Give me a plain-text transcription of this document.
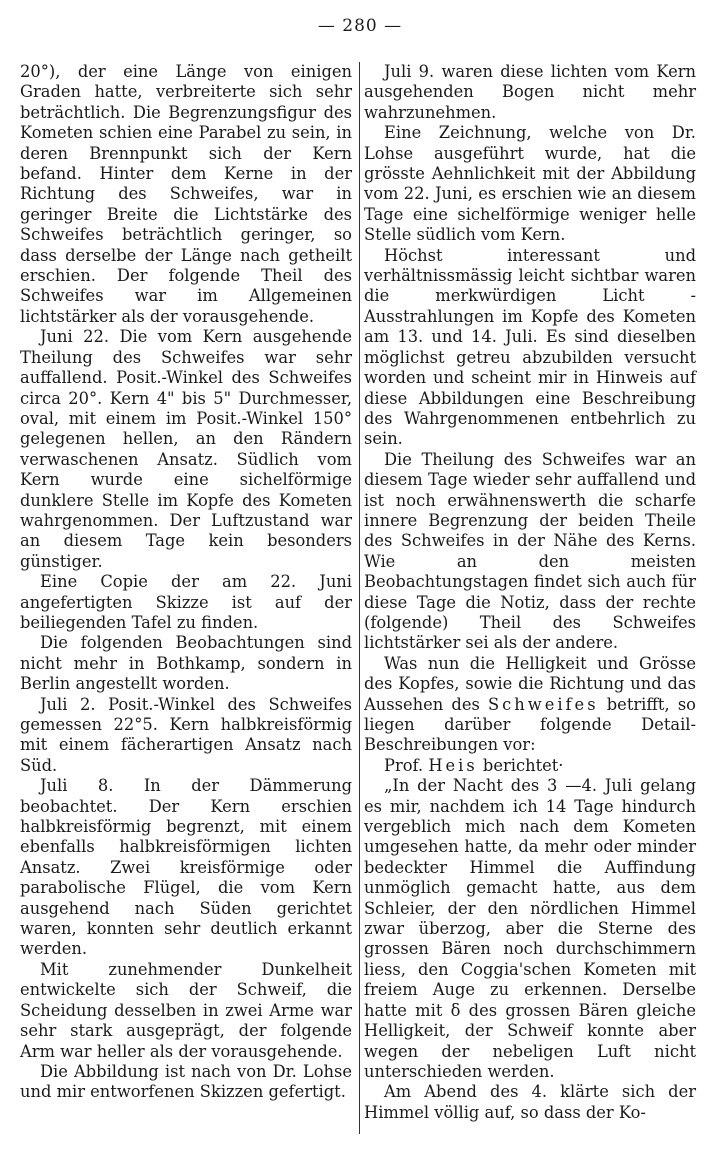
— 280 —

20°), der eine Länge von einigen Graden hatte, verbreiterte sich sehr beträchtlich. Die Begrenzungsfigur des Kometen schien eine Parabel zu sein, in deren Brennpunkt sich der Kern befand. Hinter dem Kerne in der Richtung des Schweifes, war in geringer Breite die Lichtstärke des Schweifes beträchtlich geringer, so dass derselbe der Länge nach getheilt erschien. Der folgende Theil des Schweifes war im Allgemeinen lichtstärker als der vorausgehende.

Juni 22. Die vom Kern ausgehende Theilung des Schweifes war sehr auffallend. Posit.-Winkel des Schweifes circa 20°. Kern 4" bis 5" Durchmesser, oval, mit einem im Posit.-Winkel 150° gelegenen hellen, an den Rändern verwaschenen Ansatz. Südlich vom Kern wurde eine sichelförmige dunklere Stelle im Kopfe des Kometen wahrgenommen. Der Luftzustand war an diesem Tage kein besonders günstiger.

Eine Copie der am 22. Juni angefertigten Skizze ist auf der beiliegenden Tafel zu finden.

Die folgenden Beobachtungen sind nicht mehr in Bothkamp, sondern in Berlin angestellt worden.

Juli 2. Posit.-Winkel des Schweifes gemessen 22°5. Kern halbkreisförmig mit einem fächerartigen Ansatz nach Süd.

Juli 8. In der Dämmerung beobachtet. Der Kern erschien halbkreisförmig begrenzt, mit einem ebenfalls halbkreisförmigen lichten Ansatz. Zwei kreisförmige oder parabolische Flügel, die vom Kern ausgehend nach Süden gerichtet waren, konnten sehr deutlich erkannt werden.

Mit zunehmender Dunkelheit entwickelte sich der Schweif, die Scheidung desselben in zwei Arme war sehr stark ausgeprägt, der folgende Arm war heller als der vorausgehende.

Die Abbildung ist nach von Dr. Lohse und mir entworfenen Skizzen gefertigt.

Juli 9. waren diese lichten vom Kern ausgehenden Bogen nicht mehr wahrzunehmen.

Eine Zeichnung, welche von Dr. Lohse ausgeführt wurde, hat die grösste Aehnlichkeit mit der Abbildung vom 22. Juni, es erschien wie an diesem Tage eine sichelförmige weniger helle Stelle südlich vom Kern.

Höchst interessant und verhältnissmässig leicht sichtbar waren die merkwürdigen Licht - Ausstrahlungen im Kopfe des Kometen am 13. und 14. Juli. Es sind dieselben möglichst getreu abzubilden versucht worden und scheint mir in Hinweis auf diese Abbildungen eine Beschreibung des Wahrgenommenen entbehrlich zu sein.

Die Theilung des Schweifes war an diesem Tage wieder sehr auffallend und ist noch erwähnenswerth die scharfe innere Begrenzung der beiden Theile des Schweifes in der Nähe des Kerns. Wie an den meisten Beobachtungstagen findet sich auch für diese Tage die Notiz, dass der rechte (folgende) Theil des Schweifes lichtstärker sei als der andere.

Was nun die Helligkeit und Grösse des Kopfes, sowie die Richtung und das Aussehen des Schweifes betrifft, so liegen darüber folgende Detail-Beschreibungen vor:

Prof. Heis berichtet·

„In der Nacht des 3 —4. Juli gelang es mir, nachdem ich 14 Tage hindurch vergeblich mich nach dem Kometen umgesehen hatte, da mehr oder minder bedeckter Himmel die Auffindung unmöglich gemacht hatte, aus dem Schleier, der den nördlichen Himmel zwar überzog, aber die Sterne des grossen Bären noch durchschimmern liess, den Coggia'schen Kometen mit freiem Auge zu erkennen. Derselbe hatte mit δ des grossen Bären gleiche Helligkeit, der Schweif konnte aber wegen der nebeligen Luft nicht unterschieden werden.

Am Abend des 4. klärte sich der Himmel völlig auf, so dass der Ko-
